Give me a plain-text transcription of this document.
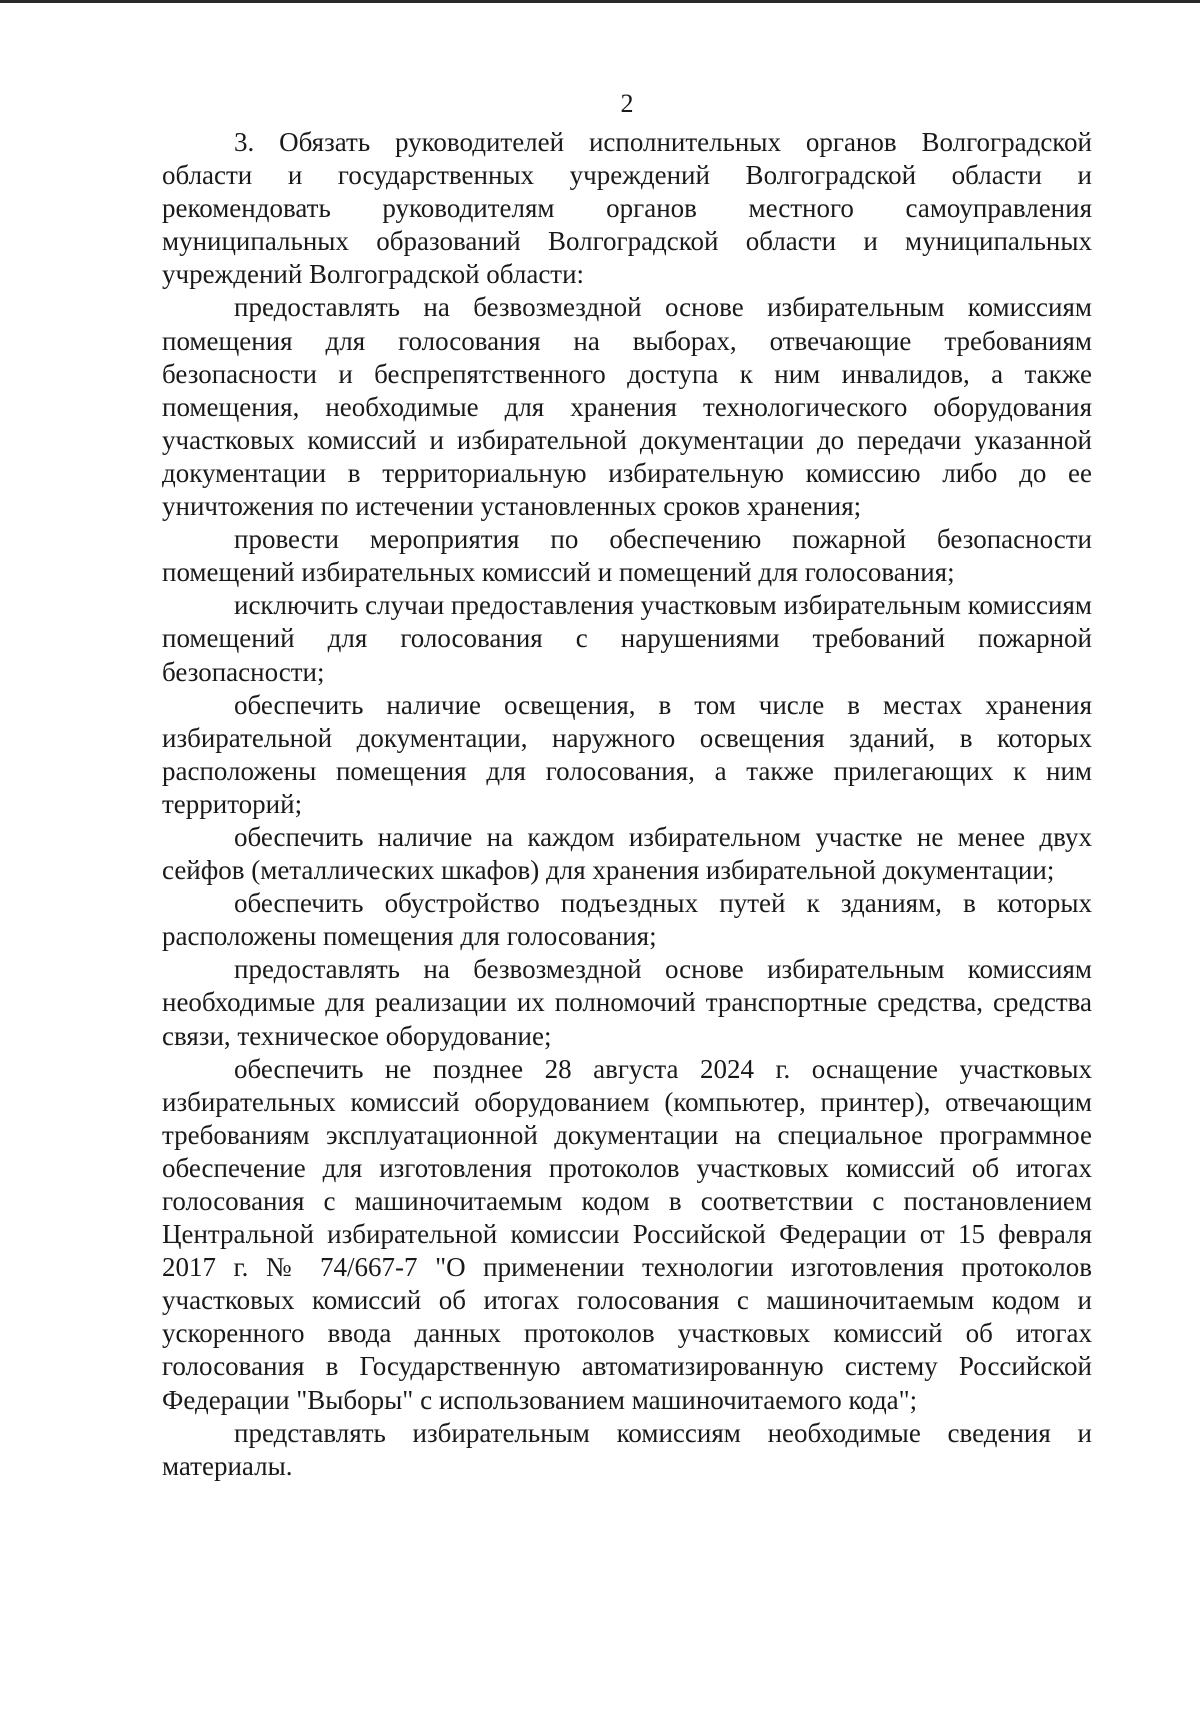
2

3. Обязать руководителей исполнительных органов Волгоградской области и государственных учреждений Волгоградской области и рекомендовать руководителям органов местного самоуправления муниципальных образований Волгоградской области и муниципальных учреждений Волгоградской области:

предоставлять на безвозмездной основе избирательным комиссиям помещения для голосования на выборах, отвечающие требованиям безопасности и беспрепятственного доступа к ним инвалидов, а также помещения, необходимые для хранения технологического оборудования участковых комиссий и избирательной документации до передачи указанной документации в территориальную избирательную комиссию либо до ее уничтожения по истечении установленных сроков хранения;

провести мероприятия по обеспечению пожарной безопасности помещений избирательных комиссий и помещений для голосования;

исключить случаи предоставления участковым избирательным комиссиям помещений для голосования с нарушениями требований пожарной безопасности;

обеспечить наличие освещения, в том числе в местах хранения избирательной документации, наружного освещения зданий, в которых расположены помещения для голосования, а также прилегающих к ним территорий;

обеспечить наличие на каждом избирательном участке не менее двух сейфов (металлических шкафов) для хранения избирательной документации;

обеспечить обустройство подъездных путей к зданиям, в которых расположены помещения для голосования;

предоставлять на безвозмездной основе избирательным комиссиям необходимые для реализации их полномочий транспортные средства, средства связи, техническое оборудование;

обеспечить не позднее 28 августа 2024 г. оснащение участковых избирательных комиссий оборудованием (компьютер, принтер), отвечающим требованиям эксплуатационной документации на специальное программное обеспечение для изготовления протоколов участковых комиссий об итогах голосования с машиночитаемым кодом в соответствии с постановлением Центральной избирательной комиссии Российской Федерации от 15 февраля 2017 г. № 74/667-7 "О применении технологии изготовления протоколов участковых комиссий об итогах голосования с машиночитаемым кодом и ускоренного ввода данных протоколов участковых комиссий об итогах голосования в Государственную автоматизированную систему Российской Федерации "Выборы" с использованием машиночитаемого кода";

представлять избирательным комиссиям необходимые сведения и материалы.
